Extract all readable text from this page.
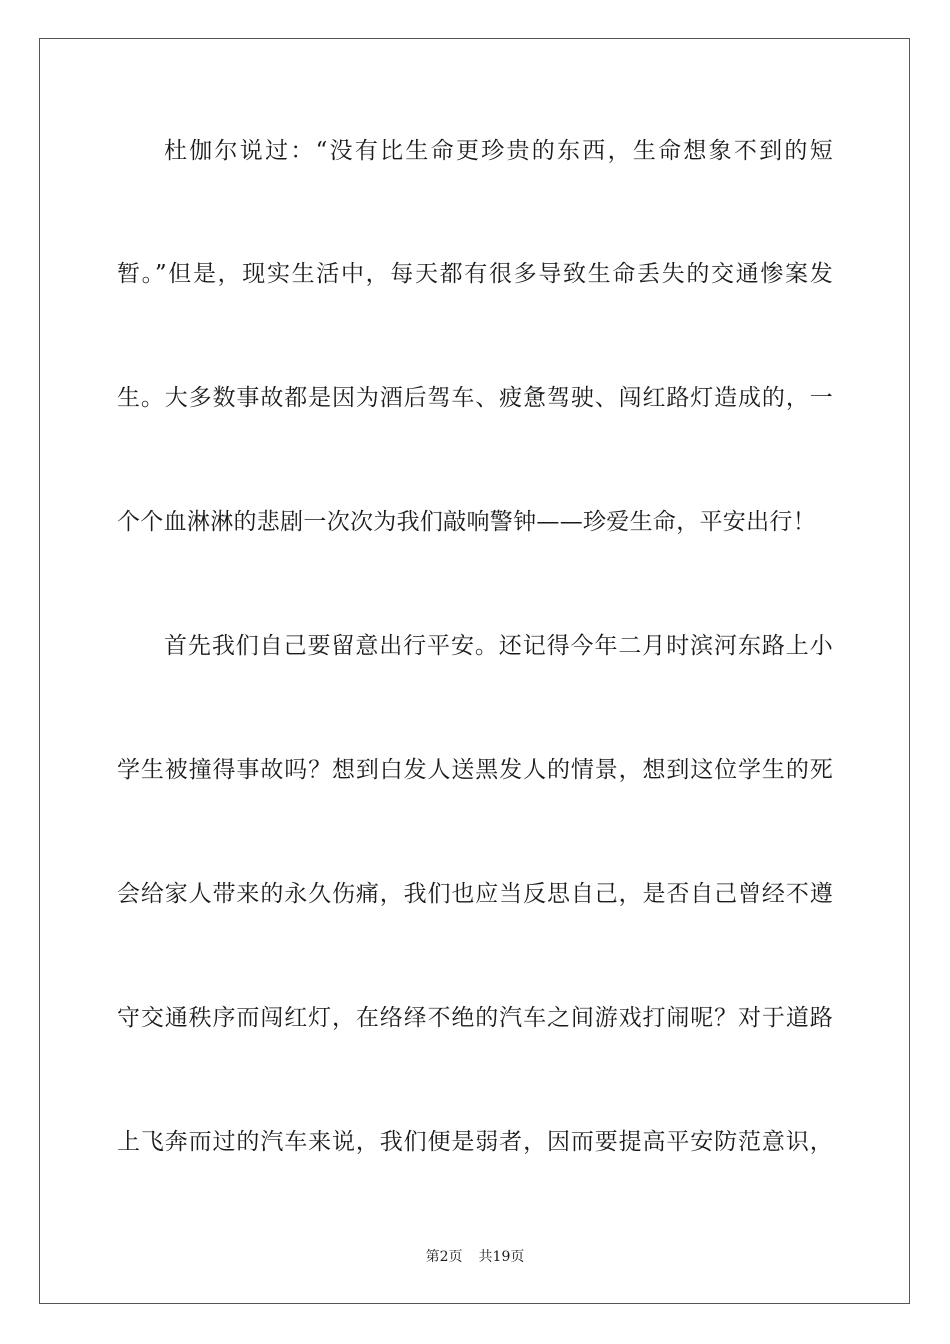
杜伽尔说过：“没有比生命更珍贵的东西，生命想象不到的短
暂。”但是，现实生活中，每天都有很多导致生命丢失的交通惨案发
生。大多数事故都是因为酒后驾车、疲惫驾驶、闯红路灯造成的，一
个个血淋淋的悲剧一次次为我们敲响警钟——珍爱生命，平安出行！
首先我们自己要留意出行平安。还记得今年二月时滨河东路上小
学生被撞得事故吗？想到白发人送黑发人的情景，想到这位学生的死
会给家人带来的永久伤痛，我们也应当反思自己，是否自己曾经不遵
守交通秩序而闯红灯，在络绎不绝的汽车之间游戏打闹呢？对于道路
上飞奔而过的汽车来说，我们便是弱者，因而要提高平安防范意识，
第2页 共19页
